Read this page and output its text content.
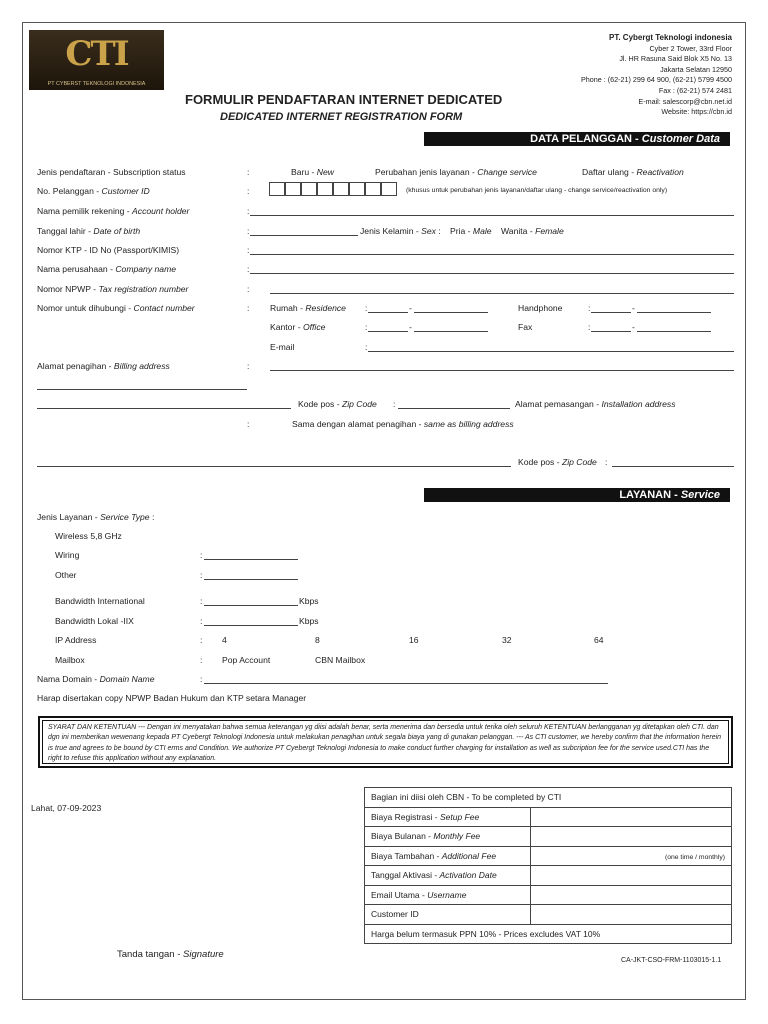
CTI
PT CYBERST TEKNOLOGI INDONESIA
PT. Cybergt Teknologi indonesia
Cyber 2 Tower, 33rd Floor
Jl. HR Rasuna Said Blok X5 No. 13
Jakarta Selatan 12950
Phone : (62-21) 299 64 900, (62-21) 5799 4500
Fax : (62-21) 574 2481
E-mail: salescorp@cbn.net.id
Website: https://cbn.id
FORMULIR PENDAFTARAN INTERNET DEDICATED
DEDICATED INTERNET REGISTRATION FORM
DATA PELANGGAN - Customer Data
Jenis pendaftaran - Subscription status	:	Baru - New	Perubahan jenis layanan - Change service	Daftar ulang - Reactivation
No. Pelanggan - Customer ID	:	(khusus untuk perubahan jenis layanan/daftar ulang - change service/reactivation only)
Nama pemilik rekening - Account holder	:
Tanggal lahir - Date of birth	:	Jenis Kelamin - Sex : Pria - Male Wanita - Female
Nomor KTP - ID No (Passport/KIMIS)	:
Nama perusahaan - Company name	:
Nomor NPWP - Tax registration number	:
Nomor untuk dihubungi - Contact number	: Rumah - Residence :	-	Handphone	:	-
Kantor - Office	:	-	Fax	:	-
E-mail	:
Alamat penagihan - Billing address	:
Kode pos - Zip Code :	Alamat pemasangan - Installation address
:	Sama dengan alamat penagihan - same as billing address
Kode pos - Zip Code :
LAYANAN - Service
Jenis Layanan - Service Type :
Wireless 5,8 GHz
Wiring	:
Other	:
Bandwidth International	:	Kbps
Bandwidth Lokal -IIX	:	Kbps
IP Address	: 4	8	16	32	64
Mailbox	: Pop Account	CBN Mailbox
Nama Domain - Domain Name	:
Harap disertakan copy NPWP Badan Hukum dan KTP setara Manager
SYARAT DAN KETENTUAN --- Dengan ini menyatakan bahwa semua keterangan yg diisi adalah benar, serta menerima dan bersedia untuk terika oleh seluruh KETENTUAN berlangganan yg ditetapkan oleh CTI. dan dgn ini memberikan wewenang kepada PT Cyebergt Teknologi Indonesia untuk melakukan penagihan untuk segala biaya yang di gunakan pelanggan. --- As CTI customer, we hereby confirm that the information herein is true and agrees to be bound by CTI erms and Condition. We authorize PT Cyebergt Teknologi Indonesia to make conduct further charging for installation as well as subcription fee for the service used.CTI has the right to refuse this application without any explanation.
Lahat, 07-09-2023
Tanda tangan - Signature
Bagian ini diisi oleh CBN - To be completed by CTI	
Biaya Registrasi - Setup Fee	
Biaya Bulanan - Monthly Fee	
Biaya Tambahan - Additional Fee	(one time / monthly)
Tanggal Aktivasi - Activation Date	
Email Utama - Username	
Customer ID	
Harga belum termasuk PPN 10% - Prices excludes VAT 10%	
CA-JKT-CSO-FRM-1103015-1.1
